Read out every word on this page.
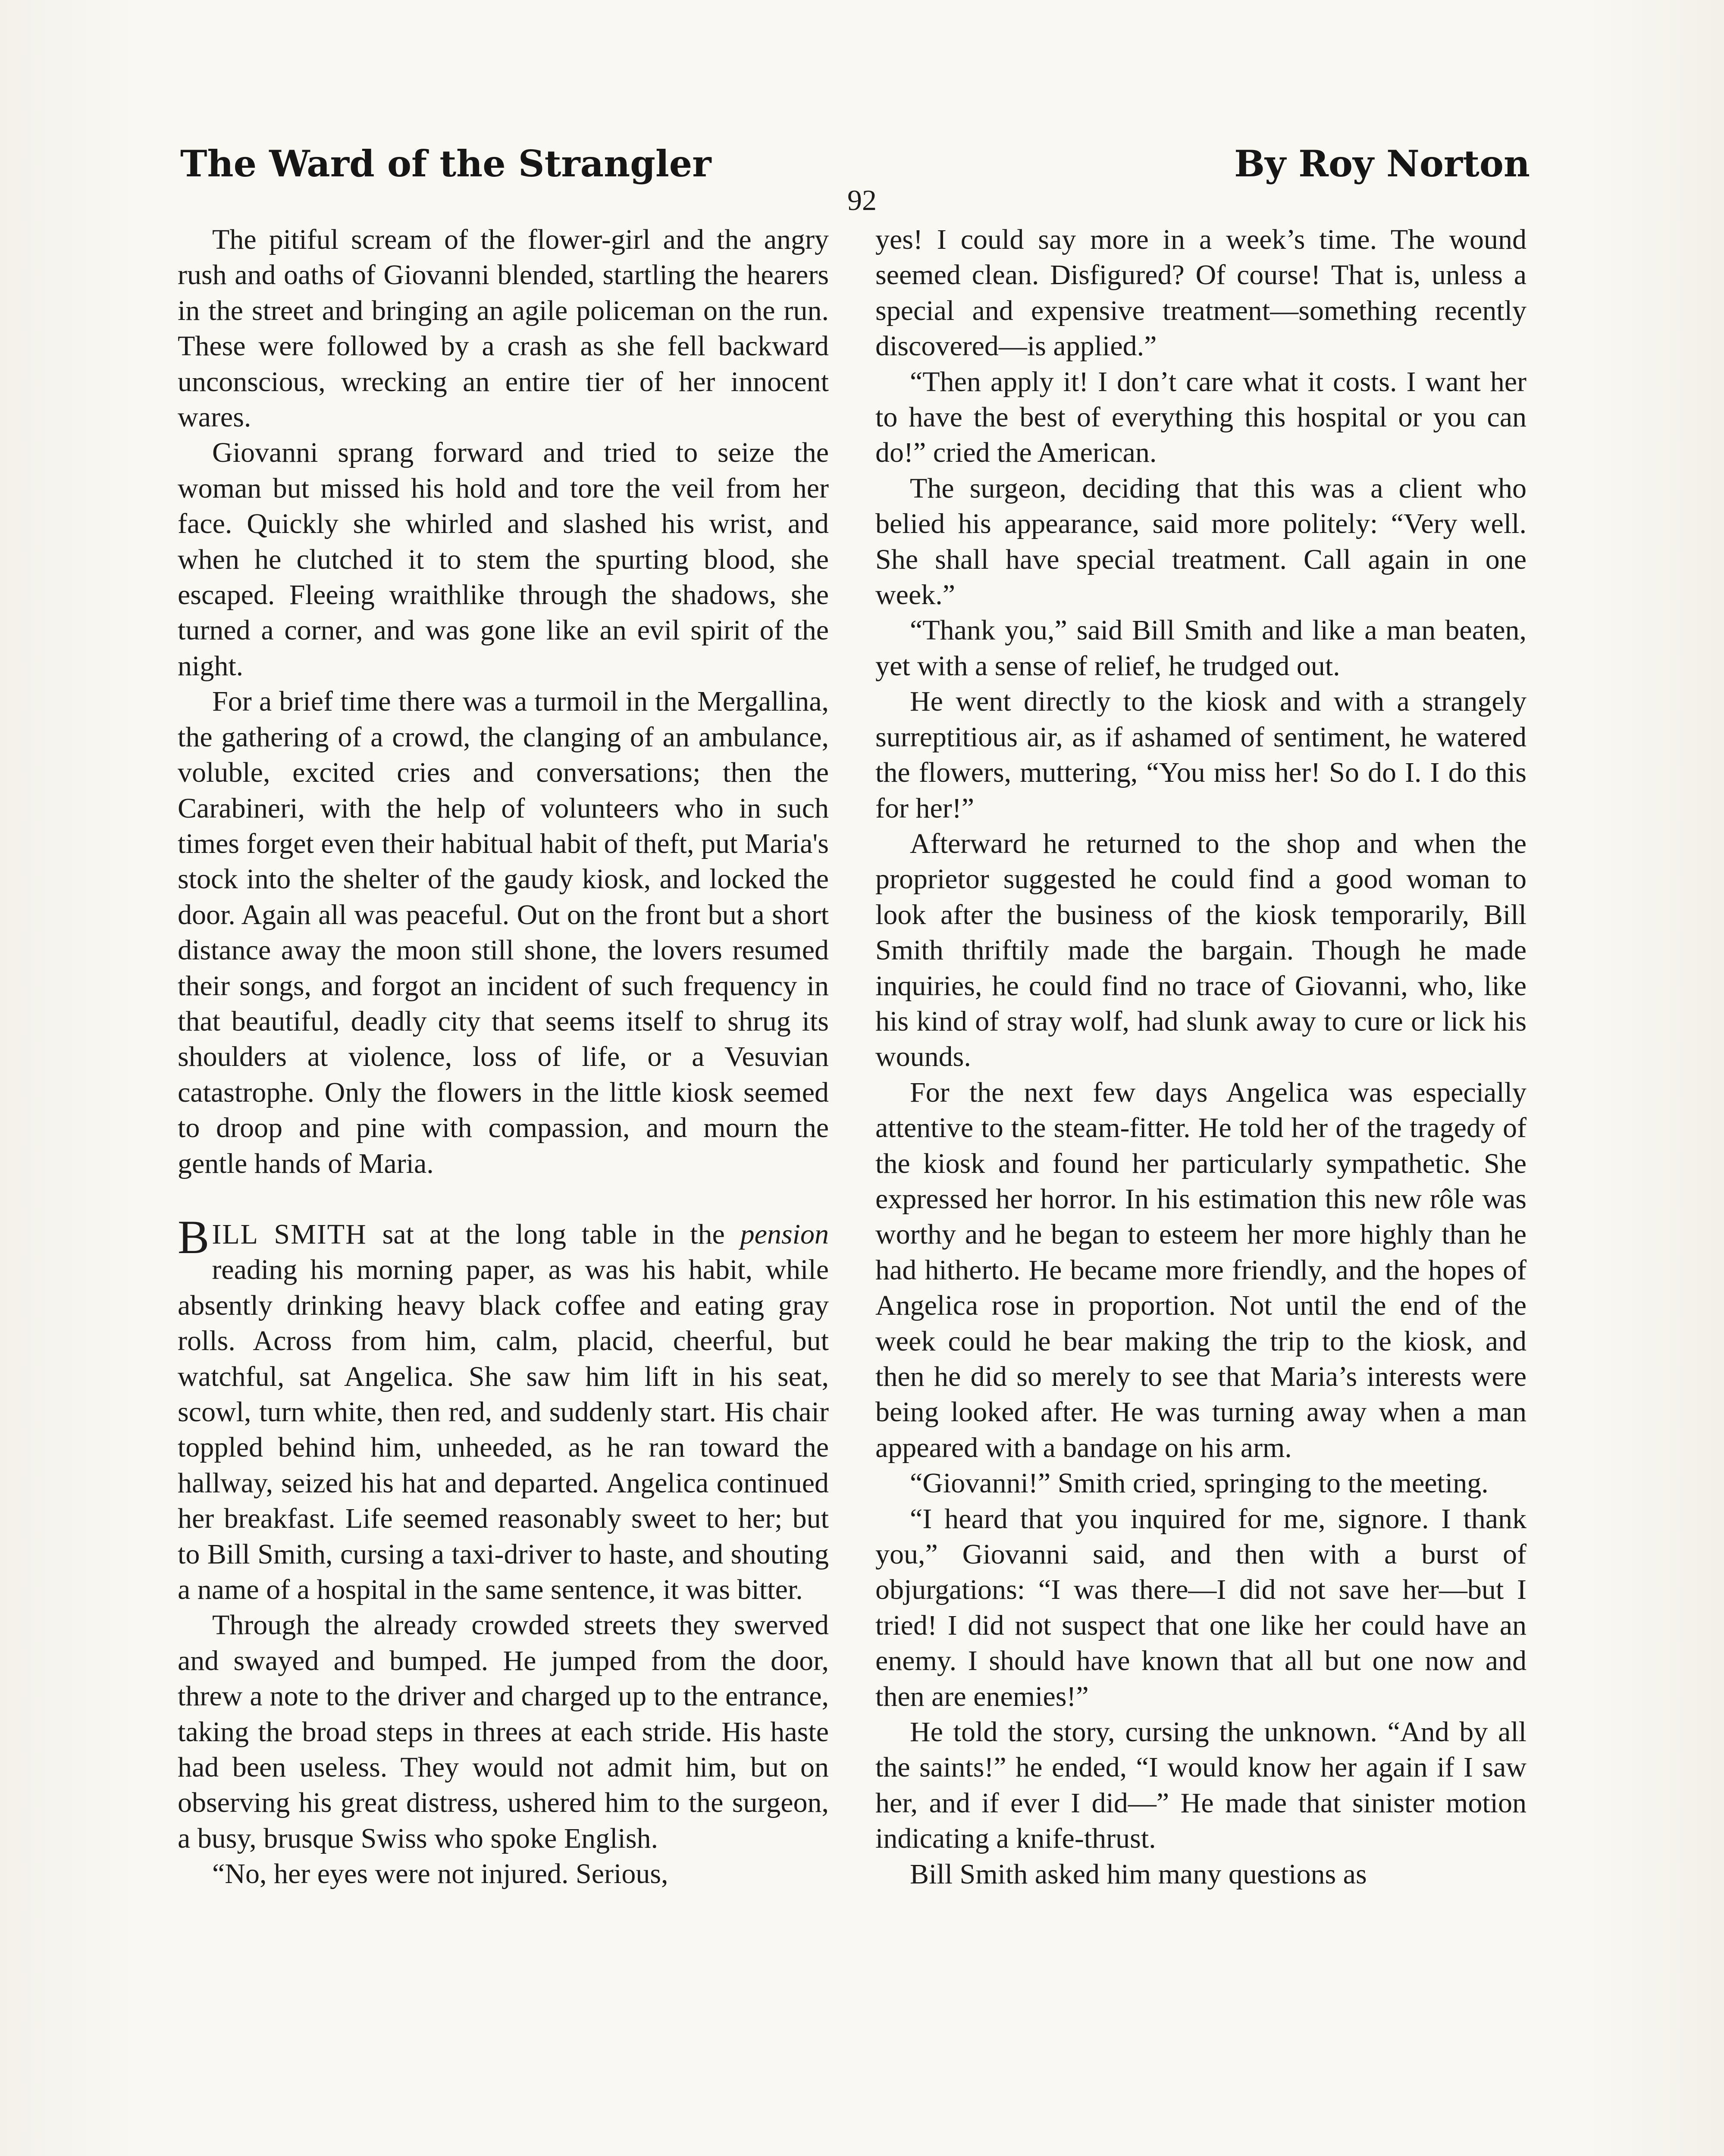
The Ward of the Strangler	By Roy Norton
92

The pitiful scream of the flower-girl and the angry rush and oaths of Giovanni blended, startling the hearers in the street and bringing an agile policeman on the run. These were followed by a crash as she fell backward unconscious, wrecking an entire tier of her innocent wares.

Giovanni sprang forward and tried to seize the woman but missed his hold and tore the veil from her face. Quickly she whirled and slashed his wrist, and when he clutched it to stem the spurting blood, she escaped. Fleeing wraithlike through the shadows, she turned a corner, and was gone like an evil spirit of the night.

For a brief time there was a turmoil in the Mergallina, the gathering of a crowd, the clanging of an ambulance, voluble, excited cries and conversations; then the Carabineri, with the help of volunteers who in such times forget even their habitual habit of theft, put Maria's stock into the shelter of the gaudy kiosk, and locked the door. Again all was peaceful. Out on the front but a short distance away the moon still shone, the lovers resumed their songs, and forgot an incident of such frequency in that beautiful, deadly city that seems itself to shrug its shoulders at violence, loss of life, or a Vesuvian catastrophe. Only the flowers in the little kiosk seemed to droop and pine with compassion, and mourn the gentle hands of Maria.

BILL SMITH sat at the long table in the pension reading his morning paper, as was his habit, while absently drinking heavy black coffee and eating gray rolls. Across from him, calm, placid, cheerful, but watchful, sat Angelica. She saw him lift in his seat, scowl, turn white, then red, and suddenly start. His chair toppled behind him, unheeded, as he ran toward the hallway, seized his hat and departed. Angelica continued her breakfast. Life seemed reasonably sweet to her; but to Bill Smith, cursing a taxi-driver to haste, and shouting a name of a hospital in the same sentence, it was bitter.

Through the already crowded streets they swerved and swayed and bumped. He jumped from the door, threw a note to the driver and charged up to the entrance, taking the broad steps in threes at each stride. His haste had been useless. They would not admit him, but on observing his great distress, ushered him to the surgeon, a busy, brusque Swiss who spoke English.

“No, her eyes were not injured. Serious,

yes! I could say more in a week’s time. The wound seemed clean. Disfigured? Of course! That is, unless a special and expensive treatment—something recently discovered—is applied.”

“Then apply it! I don’t care what it costs. I want her to have the best of everything this hospital or you can do!” cried the American.

The surgeon, deciding that this was a client who belied his appearance, said more politely: “Very well. She shall have special treatment. Call again in one week.”

“Thank you,” said Bill Smith and like a man beaten, yet with a sense of relief, he trudged out.

He went directly to the kiosk and with a strangely surreptitious air, as if ashamed of sentiment, he watered the flowers, muttering, “You miss her! So do I. I do this for her!”

Afterward he returned to the shop and when the proprietor suggested he could find a good woman to look after the business of the kiosk temporarily, Bill Smith thriftily made the bargain. Though he made inquiries, he could find no trace of Giovanni, who, like his kind of stray wolf, had slunk away to cure or lick his wounds.

For the next few days Angelica was especially attentive to the steam-fitter. He told her of the tragedy of the kiosk and found her particularly sympathetic. She expressed her horror. In his estimation this new rôle was worthy and he began to esteem her more highly than he had hitherto. He became more friendly, and the hopes of Angelica rose in proportion. Not until the end of the week could he bear making the trip to the kiosk, and then he did so merely to see that Maria’s interests were being looked after. He was turning away when a man appeared with a bandage on his arm.

“Giovanni!” Smith cried, springing to the meeting.

“I heard that you inquired for me, signore. I thank you,” Giovanni said, and then with a burst of objurgations: “I was there—I did not save her—but I tried! I did not suspect that one like her could have an enemy. I should have known that all but one now and then are enemies!”

He told the story, cursing the unknown. “And by all the saints!” he ended, “I would know her again if I saw her, and if ever I did—” He made that sinister motion indicating a knife-thrust.

Bill Smith asked him many questions as
